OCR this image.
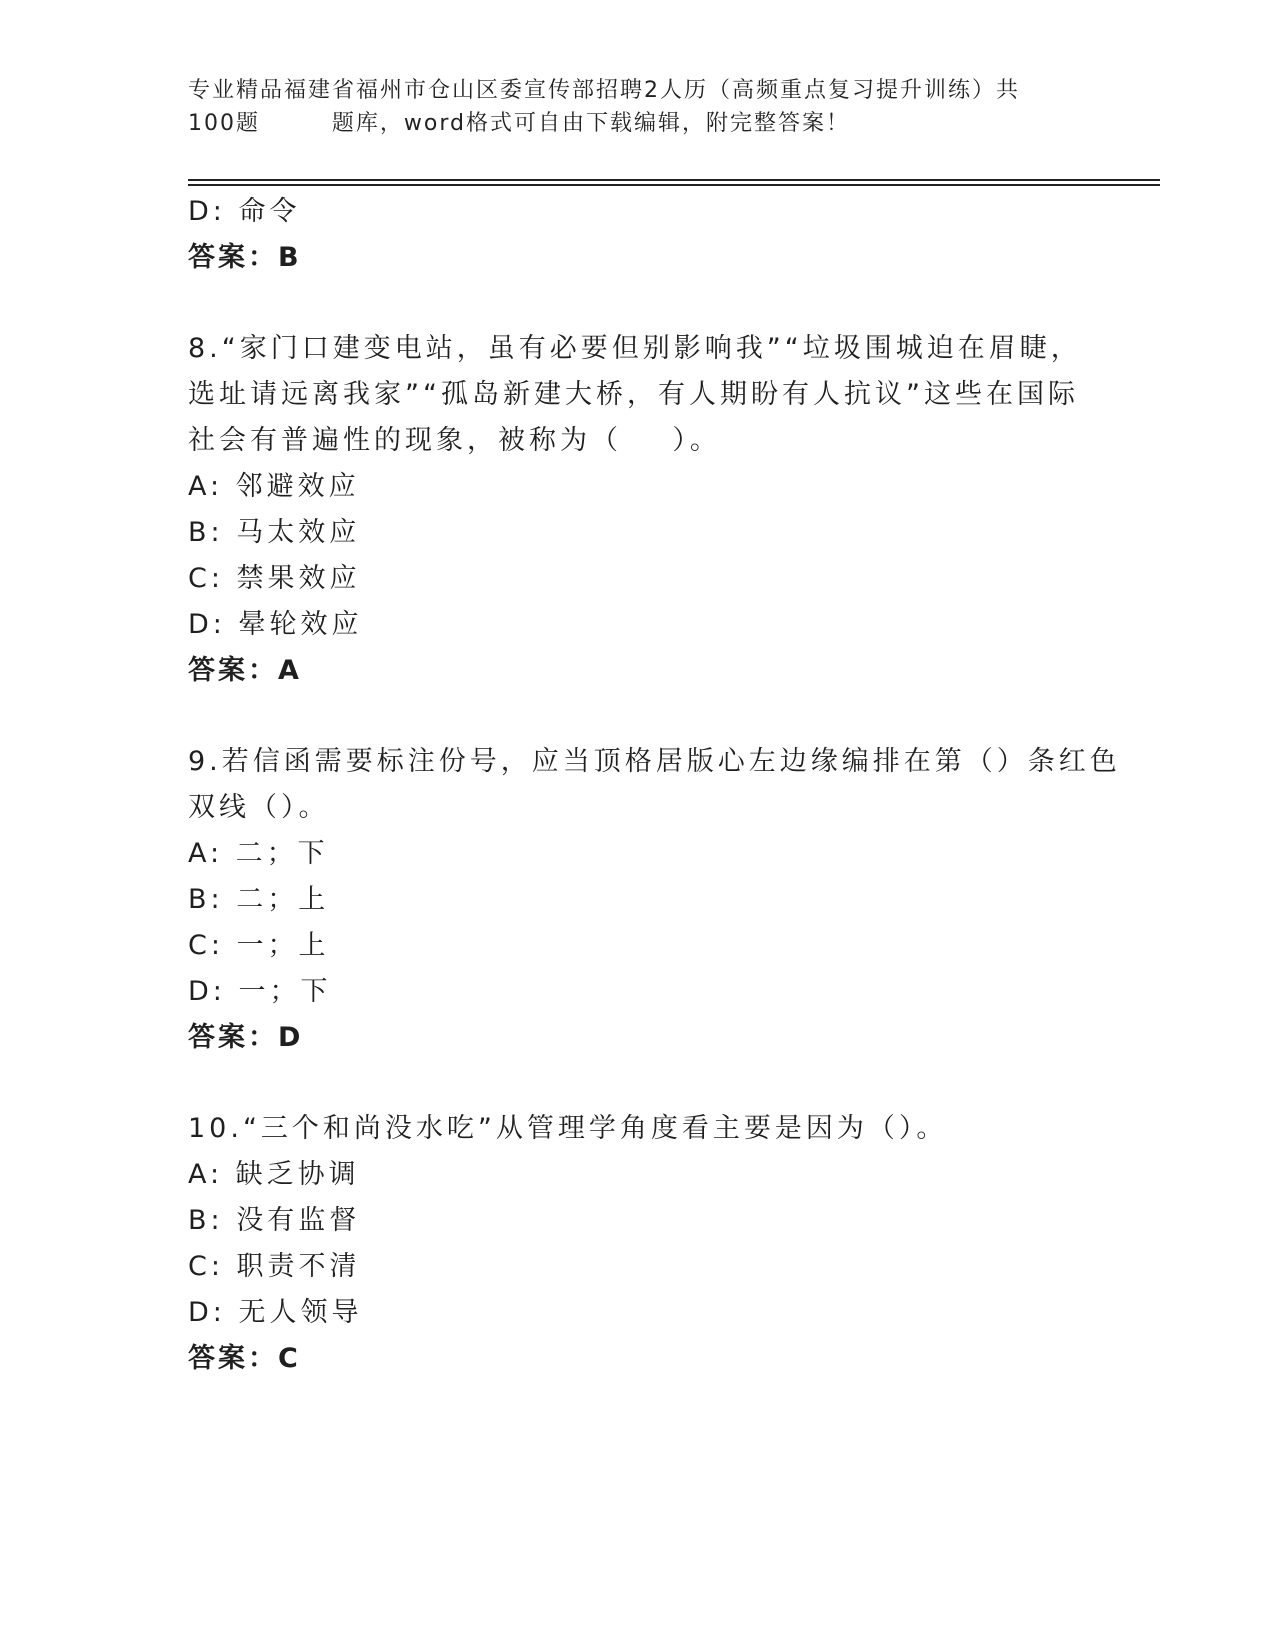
专业精品福建省福州市仓山区委宣传部招聘2人历（高频重点复习提升训练）共
100题        题库，word格式可自由下载编辑，附完整答案！
D: 命令
答案：B
8.“家门口建变电站，虽有必要但别影响我”“垃圾围城迫在眉睫，
选址请远离我家”“孤岛新建大桥，有人期盼有人抗议”这些在国际
社会有普遍性的现象，被称为（    ）。
A: 邻避效应
B: 马太效应
C: 禁果效应
D: 晕轮效应
答案：A
9.若信函需要标注份号，应当顶格居版心左边缘编排在第（）条红色
双线（）。
A: 二；下
B: 二；上
C: 一；上
D: 一；下
答案：D
10.“三个和尚没水吃”从管理学角度看主要是因为（）。
A: 缺乏协调
B: 没有监督
C: 职责不清
D: 无人领导
答案：C
